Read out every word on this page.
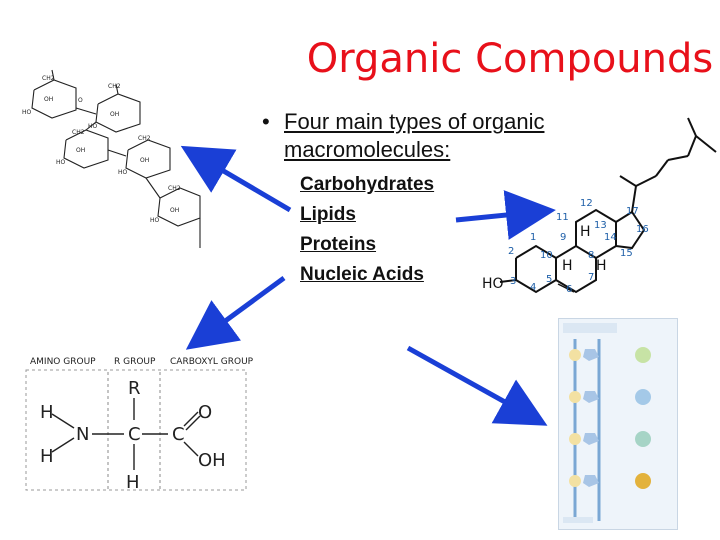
Organic Compounds
• Four main types of organic macromolecules:
Carbohydrates
Lipids
Proteins
Nucleic Acids
CH2
HO
OH	O
CH2
HO
OH
CH2
HO
OH
CH2
HO
OH
CH2
HO
OH
HO
H
H H
1
2
3
4
5
6
7
8
9
10
11
12
13
14
15
16
17
AMINO GROUP R GROUP CARBOXYL GROUP
R
H
H
N C C
O
OH
H
